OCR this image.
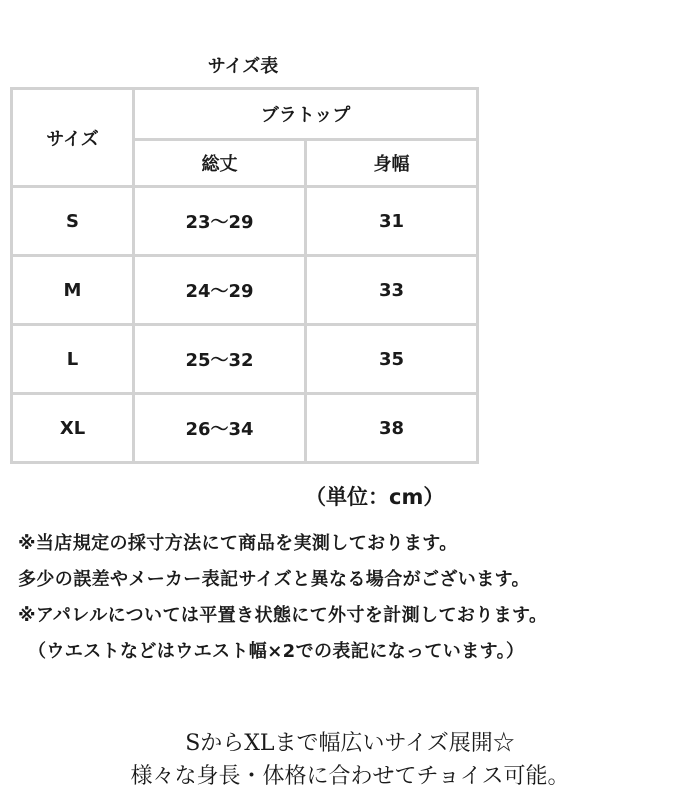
サイズ表
サイズ	ブラトップ	
	総丈	身幅
S	23～29	31
M	24～29	33
L	25～32	35
XL	26～34	38
（単位：cm）
※当店規定の採寸方法にて商品を実測しております。
多少の誤差やメーカー表記サイズと異なる場合がございます。
※アパレルについては平置き状態にて外寸を計測しております。
（ウエストなどはウエスト幅×2での表記になっています。）
SからXLまで幅広いサイズ展開☆
様々な身長・体格に合わせてチョイス可能。
